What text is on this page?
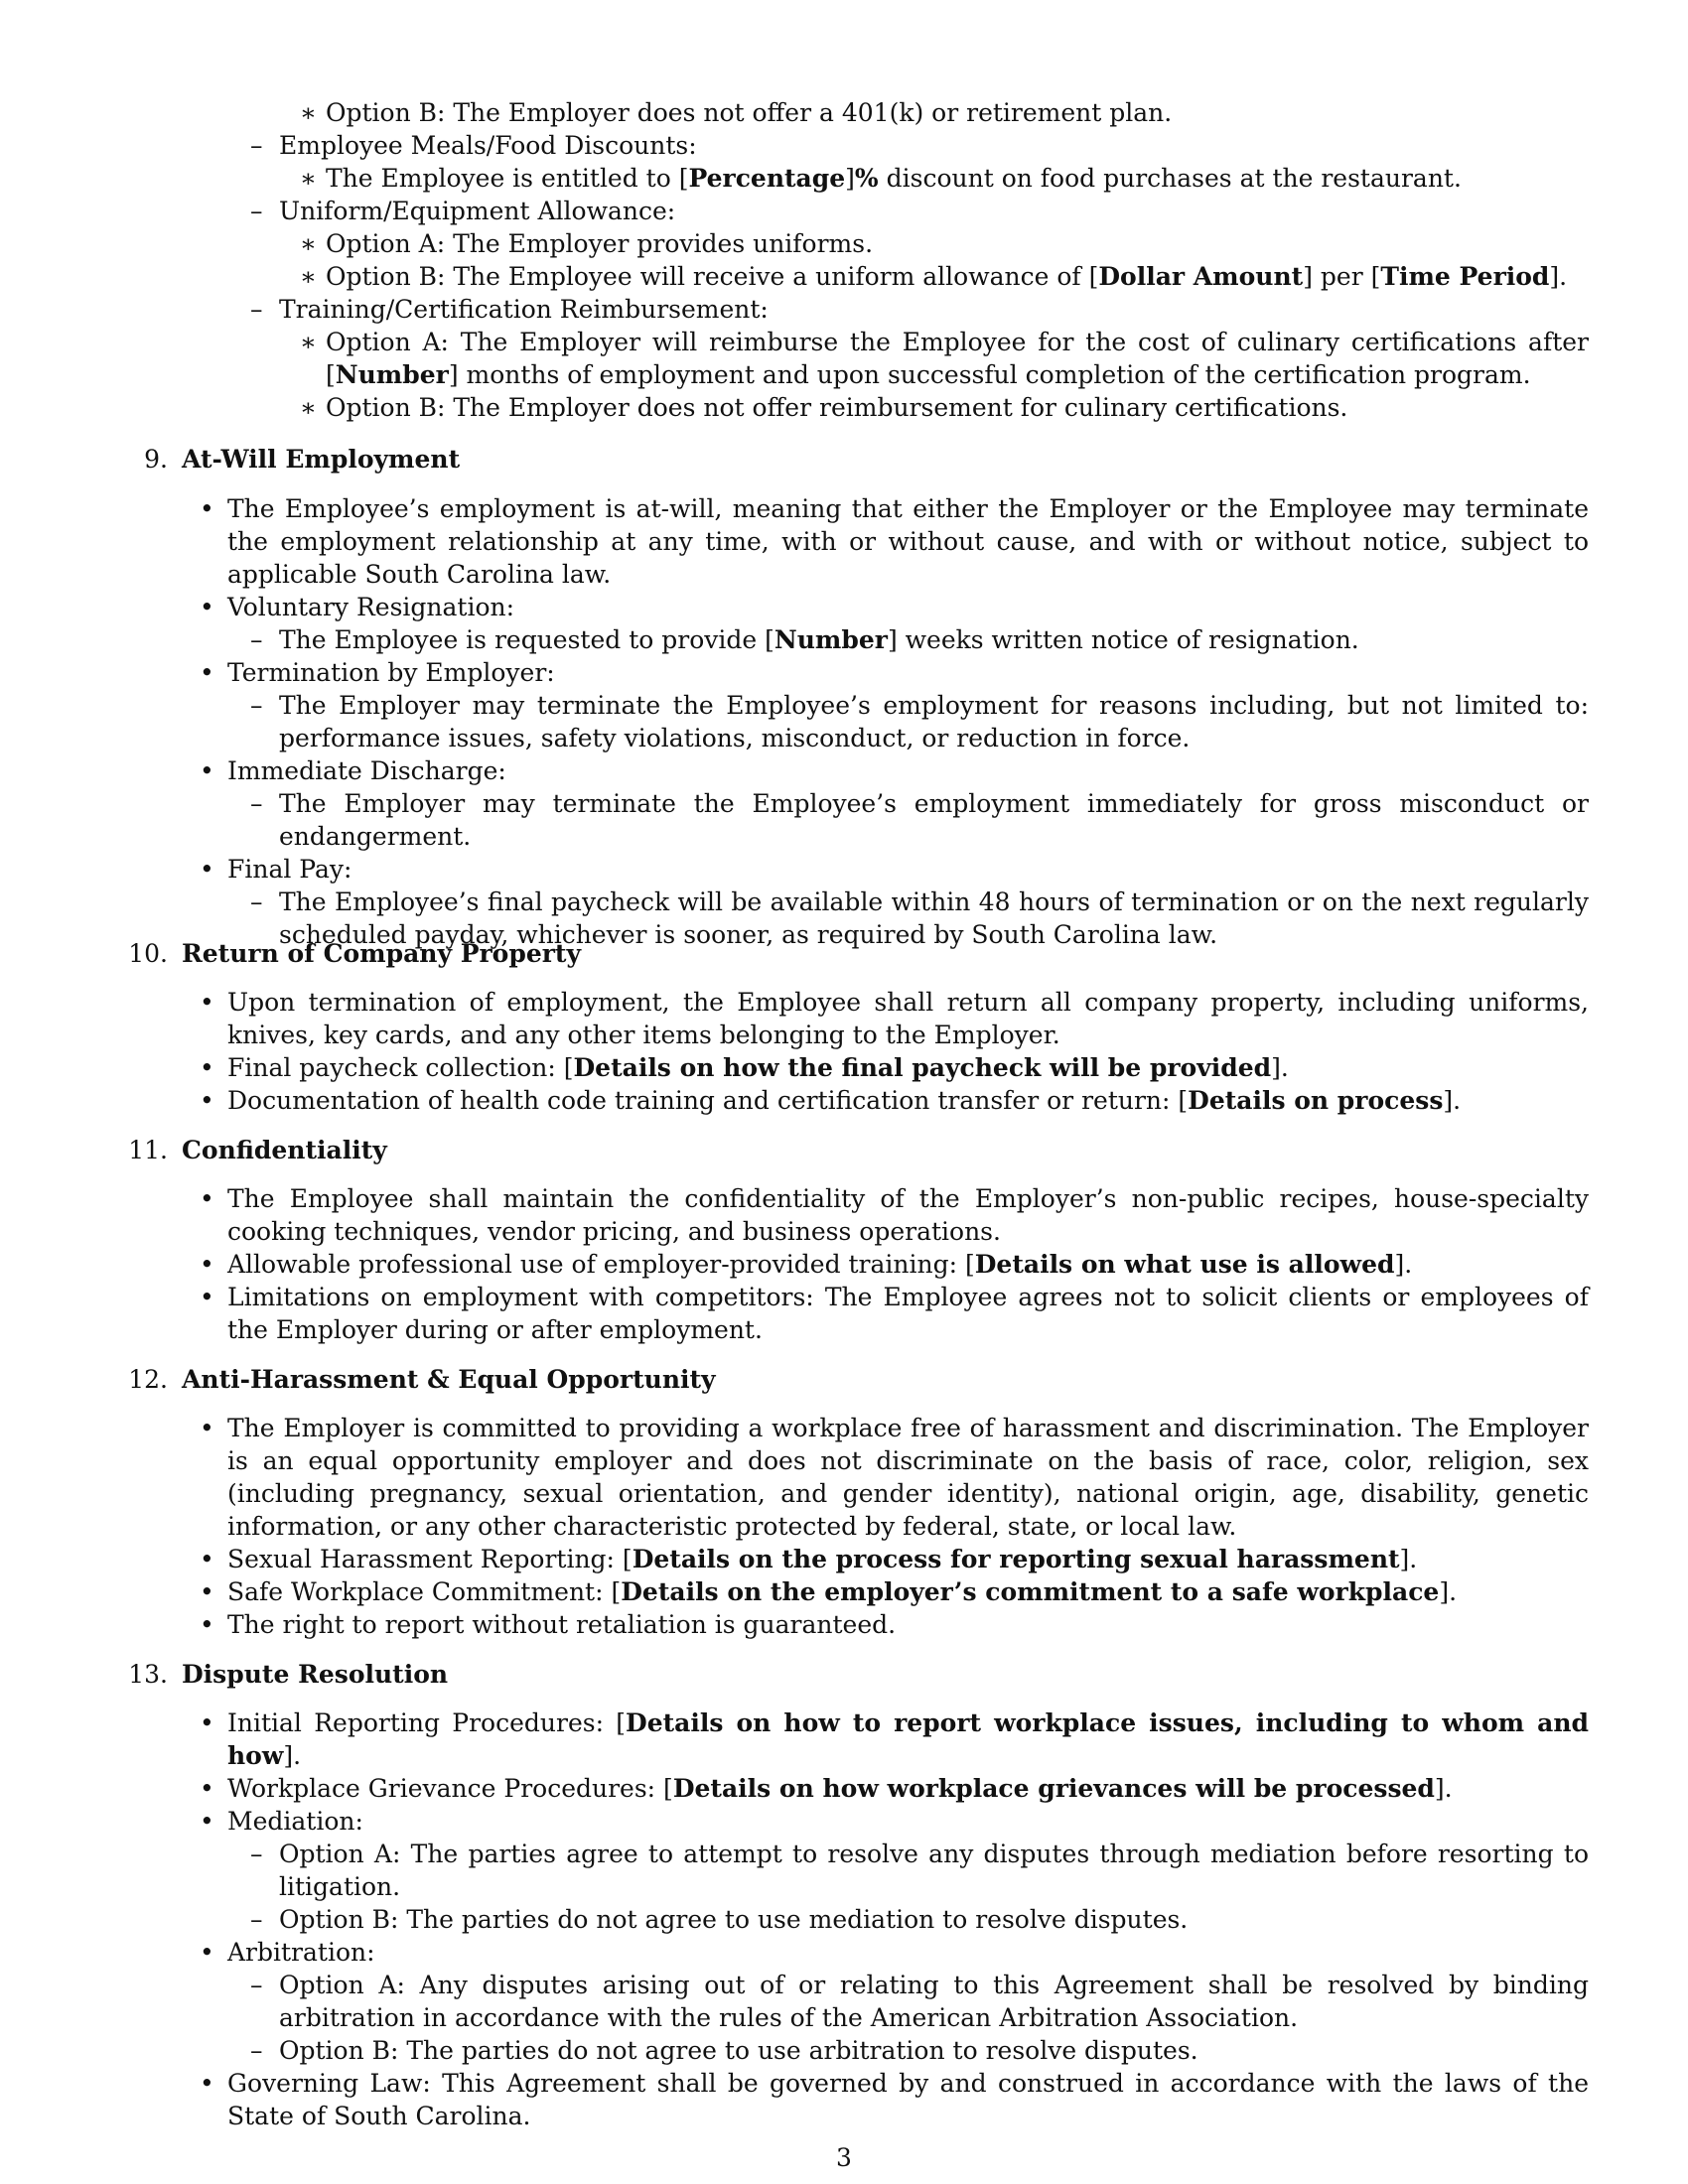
∗ Option B: The Employer does not offer a 401(k) or retirement plan.
– Employee Meals/Food Discounts:
∗ The Employee is entitled to [Percentage]% discount on food purchases at the restaurant.
– Uniform/Equipment Allowance:
∗ Option A: The Employer provides uniforms.
∗ Option B: The Employee will receive a uniform allowance of [Dollar Amount] per [Time Period].
– Training/Certification Reimbursement:
∗ Option A: The Employer will reimburse the Employee for the cost of culinary certifications after [Number] months of employment and upon successful completion of the certification program.
∗ Option B: The Employer does not offer reimbursement for culinary certifications.
9. At-Will Employment
• The Employee’s employment is at-will, meaning that either the Employer or the Employee may terminate the employment relationship at any time, with or without cause, and with or without notice, subject to applicable South Carolina law.
• Voluntary Resignation:
– The Employee is requested to provide [Number] weeks written notice of resignation.
• Termination by Employer:
– The Employer may terminate the Employee’s employment for reasons including, but not limited to: performance issues, safety violations, misconduct, or reduction in force.
• Immediate Discharge:
– The Employer may terminate the Employee’s employment immediately for gross misconduct or endangerment.
• Final Pay:
– The Employee’s final paycheck will be available within 48 hours of termination or on the next regularly scheduled payday, whichever is sooner, as required by South Carolina law.
10. Return of Company Property
• Upon termination of employment, the Employee shall return all company property, including uniforms, knives, key cards, and any other items belonging to the Employer.
• Final paycheck collection: [Details on how the final paycheck will be provided].
• Documentation of health code training and certification transfer or return: [Details on process].
11. Confidentiality
• The Employee shall maintain the confidentiality of the Employer’s non-public recipes, house-specialty cooking techniques, vendor pricing, and business operations.
• Allowable professional use of employer-provided training: [Details on what use is allowed].
• Limitations on employment with competitors: The Employee agrees not to solicit clients or employees of the Employer during or after employment.
12. Anti-Harassment & Equal Opportunity
• The Employer is committed to providing a workplace free of harassment and discrimination. The Employer is an equal opportunity employer and does not discriminate on the basis of race, color, religion, sex (including pregnancy, sexual orientation, and gender identity), national origin, age, disability, genetic information, or any other characteristic protected by federal, state, or local law.
• Sexual Harassment Reporting: [Details on the process for reporting sexual harassment].
• Safe Workplace Commitment: [Details on the employer’s commitment to a safe workplace].
• The right to report without retaliation is guaranteed.
13. Dispute Resolution
• Initial Reporting Procedures: [Details on how to report workplace issues, including to whom and how].
• Workplace Grievance Procedures: [Details on how workplace grievances will be processed].
• Mediation:
– Option A: The parties agree to attempt to resolve any disputes through mediation before resorting to litigation.
– Option B: The parties do not agree to use mediation to resolve disputes.
• Arbitration:
– Option A: Any disputes arising out of or relating to this Agreement shall be resolved by binding arbitration in accordance with the rules of the American Arbitration Association.
– Option B: The parties do not agree to use arbitration to resolve disputes.
• Governing Law: This Agreement shall be governed by and construed in accordance with the laws of the State of South Carolina.
3
